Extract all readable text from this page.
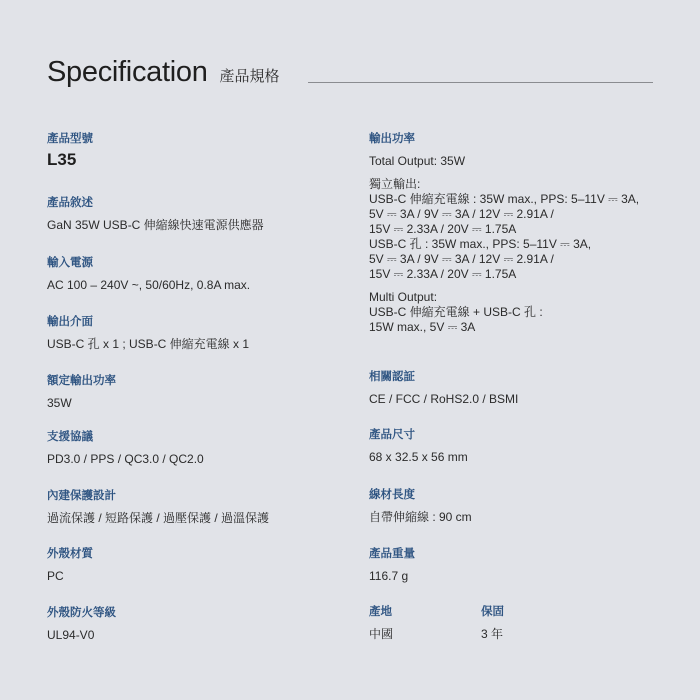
Specification 產品規格
產品型號
L35
產品敘述
GaN 35W USB-C 伸縮線快速電源供應器
輸入電源
AC 100 – 240V ~, 50/60Hz, 0.8A max.
輸出介面
USB-C 孔 x 1 ; USB-C 伸縮充電線 x 1
額定輸出功率
35W
支援協議
PD3.0 / PPS / QC3.0 / QC2.0
內建保護設計
過流保護 / 短路保護 / 過壓保護 / 過溫保護
外殼材質
PC
外殼防火等級
UL94-V0
輸出功率
Total Output: 35W
獨立輸出:
USB-C 伸縮充電線 : 35W max., PPS: 5–11V ⎓ 3A,
5V ⎓ 3A / 9V ⎓ 3A / 12V ⎓ 2.91A /
15V ⎓ 2.33A / 20V ⎓ 1.75A
USB-C 孔 : 35W max., PPS: 5–11V ⎓ 3A,
5V ⎓ 3A / 9V ⎓ 3A / 12V ⎓ 2.91A /
15V ⎓ 2.33A / 20V ⎓ 1.75A
Multi Output:
USB-C 伸縮充電線 + USB-C 孔 :
15W max., 5V ⎓ 3A
相關認証
CE / FCC / RoHS2.0 / BSMI
產品尺寸
68 x 32.5 x 56 mm
線材長度
自帶伸縮線 : 90 cm
產品重量
116.7 g
產地
中國
保固
3 年
